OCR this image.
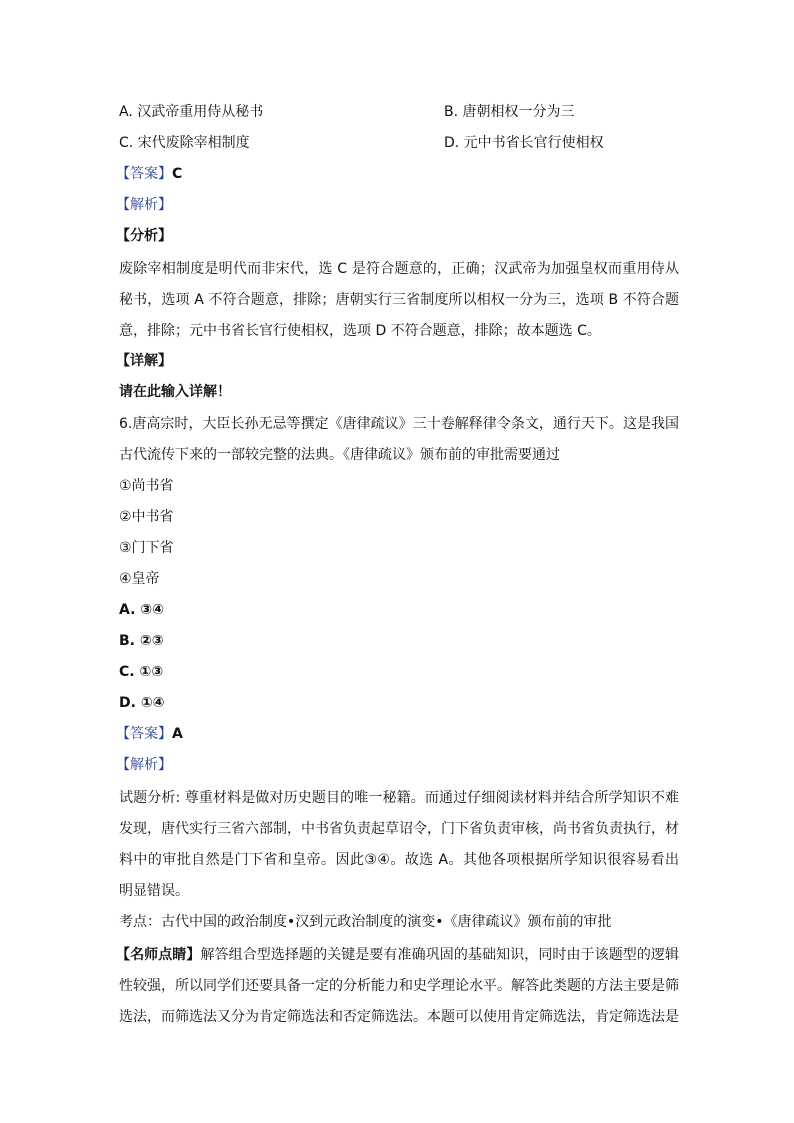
A. 汉武帝重用侍从秘书	B. 唐朝相权一分为三
C. 宋代废除宰相制度	D. 元中书省长官行使相权
【答案】C
【解析】
【分析】

废除宰相制度是明代而非宋代，选 C 是符合题意的，正确；汉武帝为加强皇权而重用侍从

秘书，选项 A 不符合题意，排除；唐朝实行三省制度所以相权一分为三，选项 B 不符合题

意，排除；元中书省长官行使相权，选项 D 不符合题意，排除；故本题选 C。

【详解】
请在此输入详解！

6.唐高宗时，大臣长孙无忌等撰定《唐律疏议》三十卷解释律令条文，通行天下。这是我国

古代流传下来的一部较完整的法典。《唐律疏议》颁布前的审批需要通过

①尚书省
②中书省
③门下省
④皇帝
A. ③④
B. ②③
C. ①③
D. ①④
【答案】A
【解析】

试题分析: 尊重材料是做对历史题目的唯一秘籍。而通过仔细阅读材料并结合所学知识不难

发现，唐代实行三省六部制，中书省负责起草诏令，门下省负责审核，尚书省负责执行，材

料中的审批自然是门下省和皇帝。因此③④。故选 A。其他各项根据所学知识很容易看出

明显错误。

考点：古代中国的政治制度•汉到元政治制度的演变•《唐律疏议》颁布前的审批

【名师点睛】解答组合型选择题的关键是要有准确巩固的基础知识，同时由于该题型的逻辑

性较强，所以同学们还要具备一定的分析能力和史学理论水平。解答此类题的方法主要是筛

选法，而筛选法又分为肯定筛选法和否定筛选法。本题可以使用肯定筛选法，肯定筛选法是
